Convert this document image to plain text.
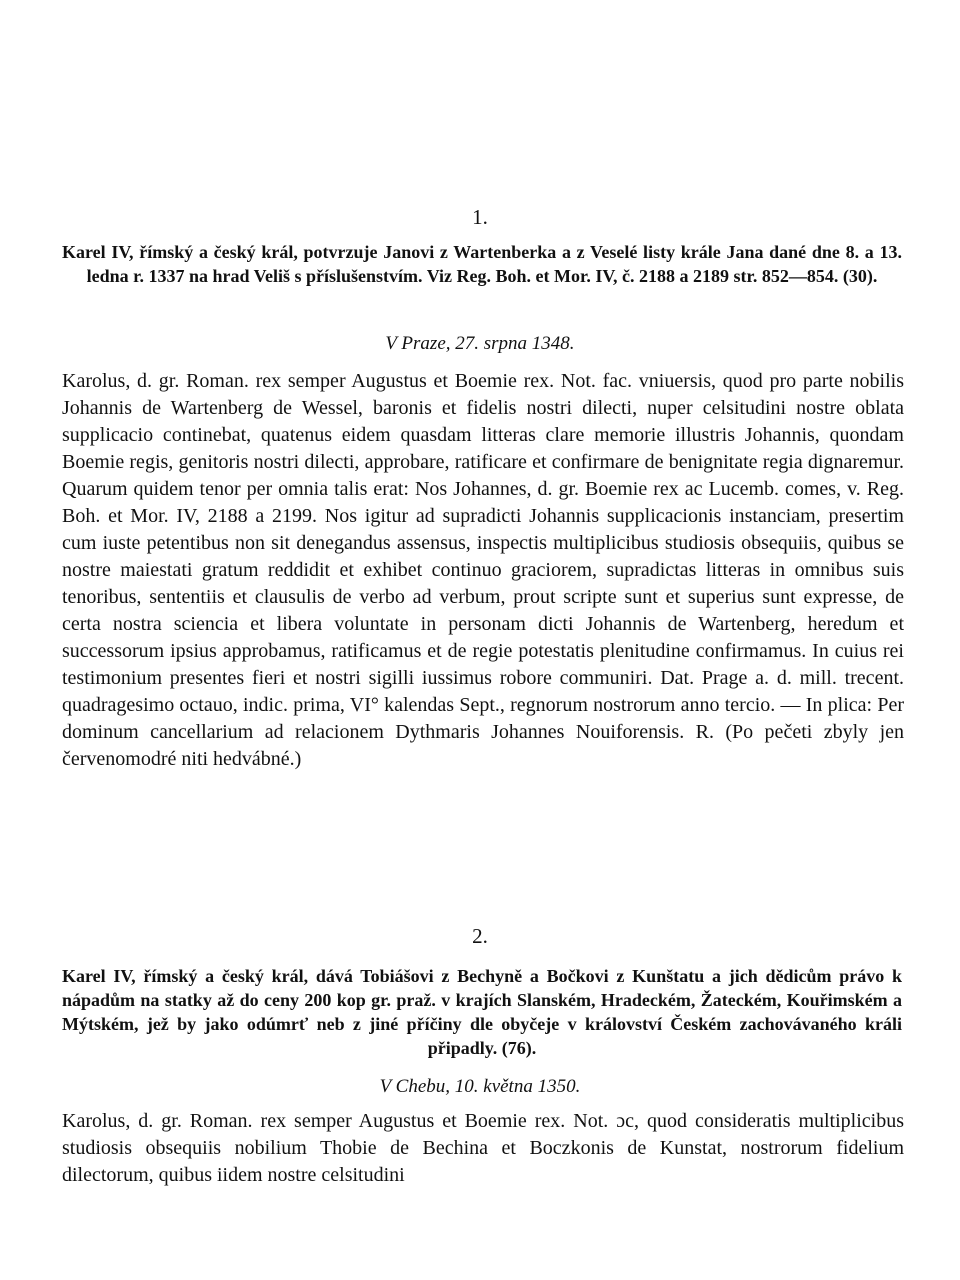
1.
Karel IV, římský a český král, potvrzuje Janovi z Wartenberka a z Veselé listy krále Jana dané dne 8. a 13. ledna r. 1337 na hrad Veliš s příslušenstvím. Viz Reg. Boh. et Mor. IV, č. 2188 a 2189 str. 852—854. (30).
V Praze, 27. srpna 1348.

Karolus, d. gr. Roman. rex semper Augustus et Boemie rex. Not. fac. vniuersis, quod pro parte nobilis Johannis de Wartenberg de Wessel, baronis et fidelis nostri dilecti, nuper celsitudini nostre oblata supplicacio continebat, quatenus eidem quasdam litteras clare memorie illustris Johannis, quondam Boemie regis, genitoris nostri dilecti, approbare, ratificare et confirmare de benignitate regia dignaremur. Quarum quidem tenor per omnia talis erat: Nos Johannes, d. gr. Boemie rex ac Lucemb. comes, v. Reg. Boh. et Mor. IV, 2188 a 2199. Nos igitur ad supradicti Johannis supplicacionis instanciam, presertim cum iuste petentibus non sit denegandus assensus, inspectis multiplicibus studiosis obsequiis, quibus se nostre maiestati gratum reddidit et exhibet continuo graciorem, supradictas litteras in omnibus suis tenoribus, sententiis et clausulis de verbo ad verbum, prout scripte sunt et superius sunt expresse, de certa nostra sciencia et libera voluntate in personam dicti Johannis de Wartenberg, heredum et successorum ipsius approbamus, ratificamus et de regie potestatis plenitudine confirmamus. In cuius rei testimonium presentes fieri et nostri sigilli iussimus robore communiri. Dat. Prage a. d. mill. trecent. quadragesimo octauo, indic. prima, VI° kalendas Sept., regnorum nostrorum anno tercio. — In plica: Per dominum cancellarium ad relacionem Dythmaris Johannes Nouiforensis. R. (Po pečeti zbyly jen červenomodré niti hedvábné.)

2.
Karel IV, římský a český král, dává Tobiášovi z Bechyně a Bočkovi z Kunštatu a jich dědicům právo k nápadům na statky až do ceny 200 kop gr. praž. v krajích Slanském, Hradeckém, Žateckém, Kouřimském a Mýtském, jež by jako odúmrť neb z jiné příčiny dle obyčeje v království Českém zachovávaného králi připadly. (76).
V Chebu, 10. května 1350.

Karolus, d. gr. Roman. rex semper Augustus et Boemie rex. Not. ɔc, quod consideratis multiplicibus studiosis obsequiis nobilium Thobie de Bechina et Boczkonis de Kunstat, nostrorum fidelium dilectorum, quibus iidem nostre celsitudini
